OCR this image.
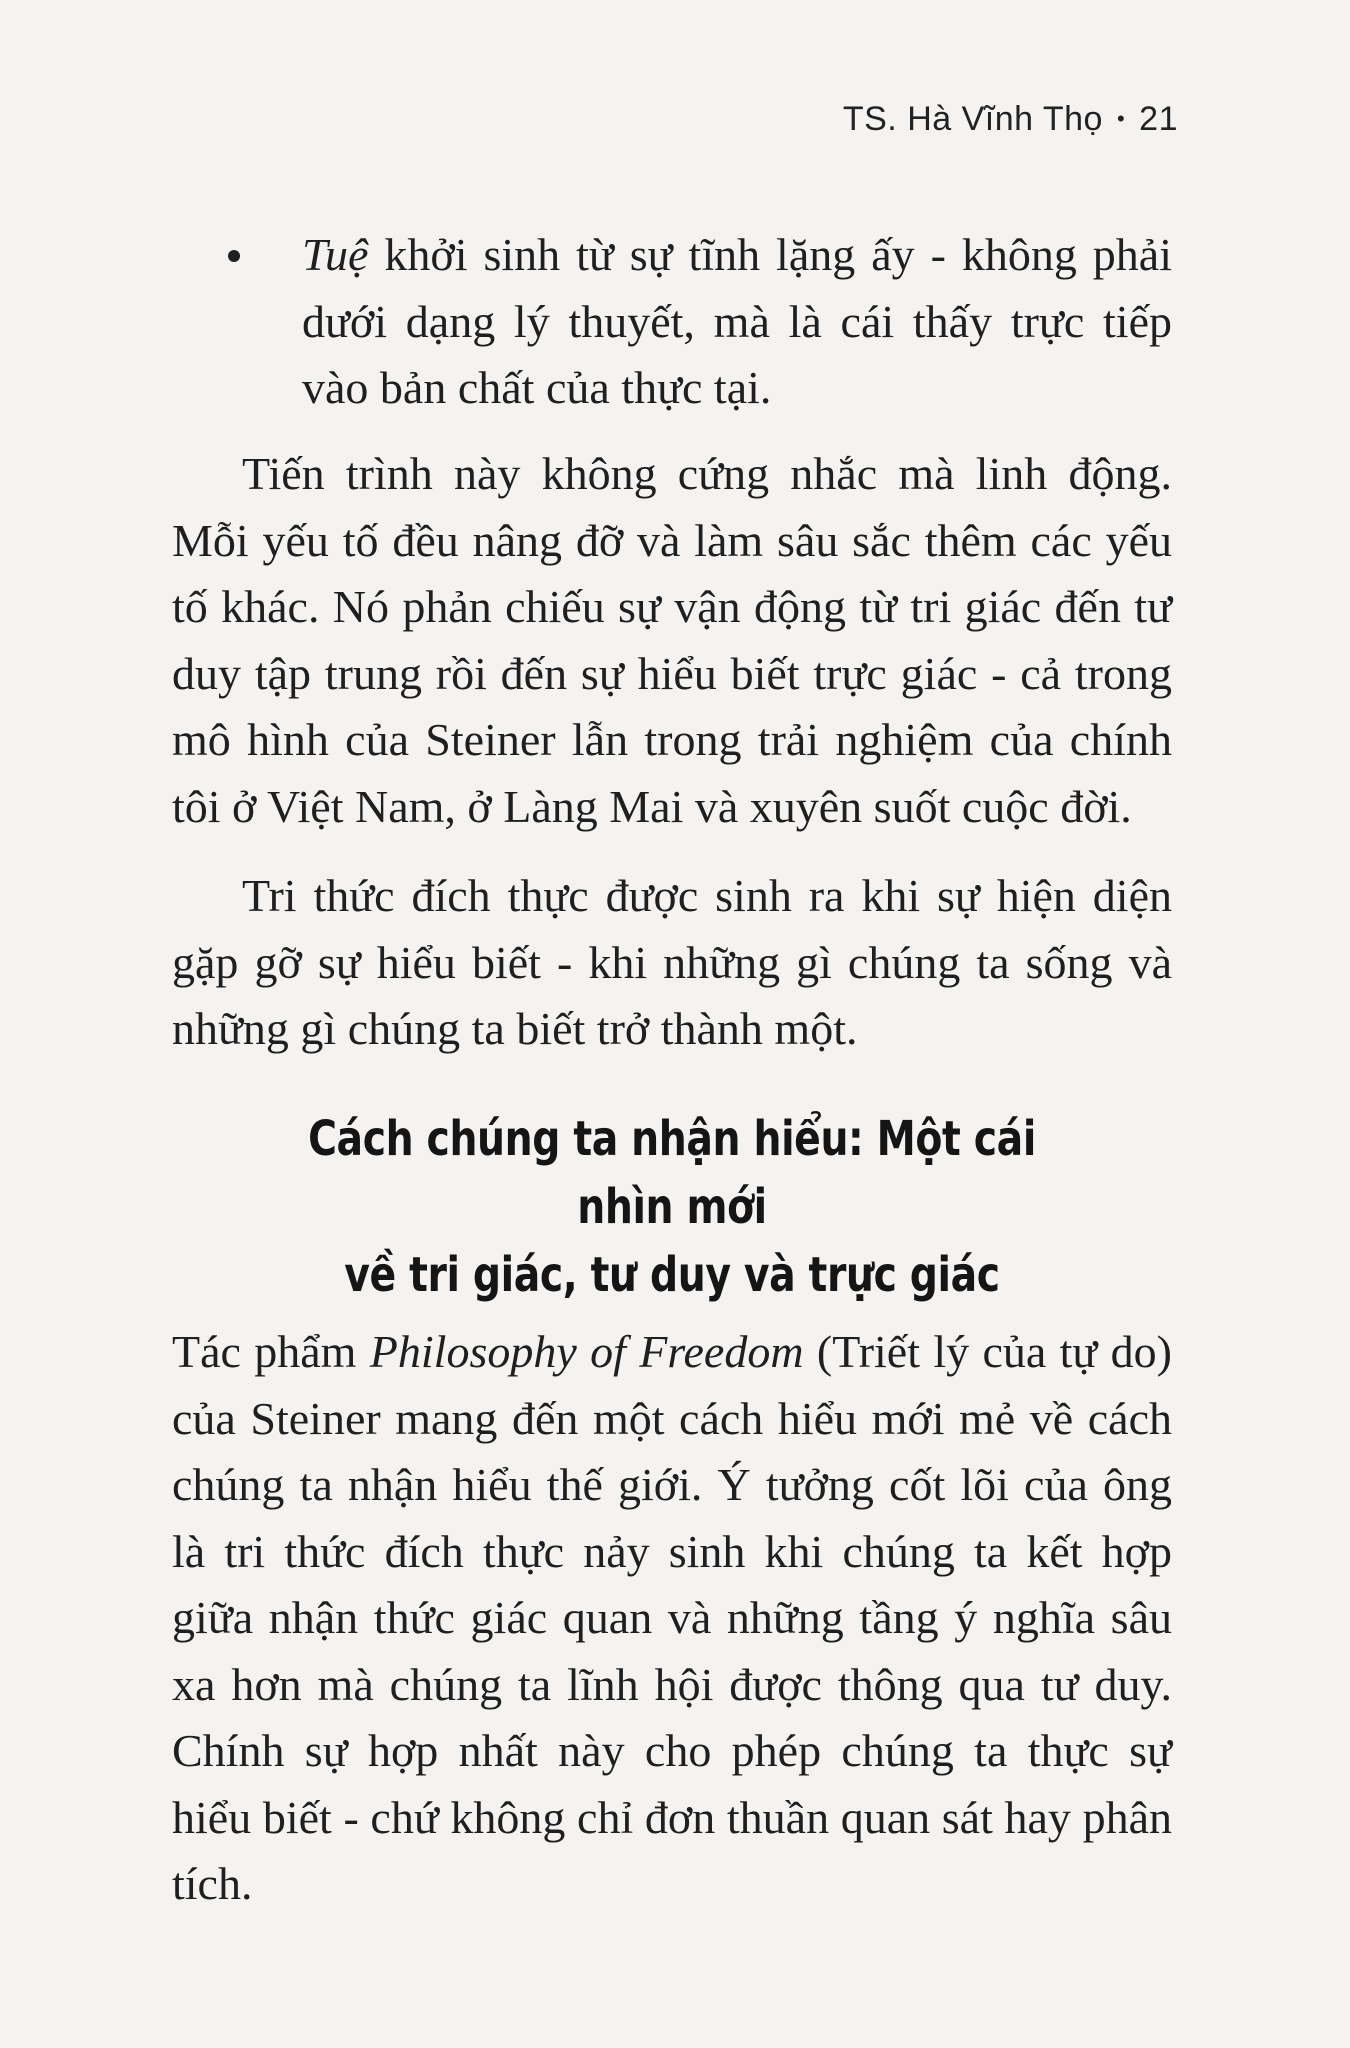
TS. Hà Vĩnh Thọ • 21
Tuệ khởi sinh từ sự tĩnh lặng ấy - không phải dưới dạng lý thuyết, mà là cái thấy trực tiếp vào bản chất của thực tại.

Tiến trình này không cứng nhắc mà linh động. Mỗi yếu tố đều nâng đỡ và làm sâu sắc thêm các yếu tố khác. Nó phản chiếu sự vận động từ tri giác đến tư duy tập trung rồi đến sự hiểu biết trực giác - cả trong mô hình của Steiner lẫn trong trải nghiệm của chính tôi ở Việt Nam, ở Làng Mai và xuyên suốt cuộc đời.

Tri thức đích thực được sinh ra khi sự hiện diện gặp gỡ sự hiểu biết - khi những gì chúng ta sống và những gì chúng ta biết trở thành một.

Cách chúng ta nhận hiểu: Một cái nhìn mới
về tri giác, tư duy và trực giác

Tác phẩm Philosophy of Freedom (Triết lý của tự do) của Steiner mang đến một cách hiểu mới mẻ về cách chúng ta nhận hiểu thế giới. Ý tưởng cốt lõi của ông là tri thức đích thực nảy sinh khi chúng ta kết hợp giữa nhận thức giác quan và những tầng ý nghĩa sâu xa hơn mà chúng ta lĩnh hội được thông qua tư duy. Chính sự hợp nhất này cho phép chúng ta thực sự hiểu biết - chứ không chỉ đơn thuần quan sát hay phân tích.
